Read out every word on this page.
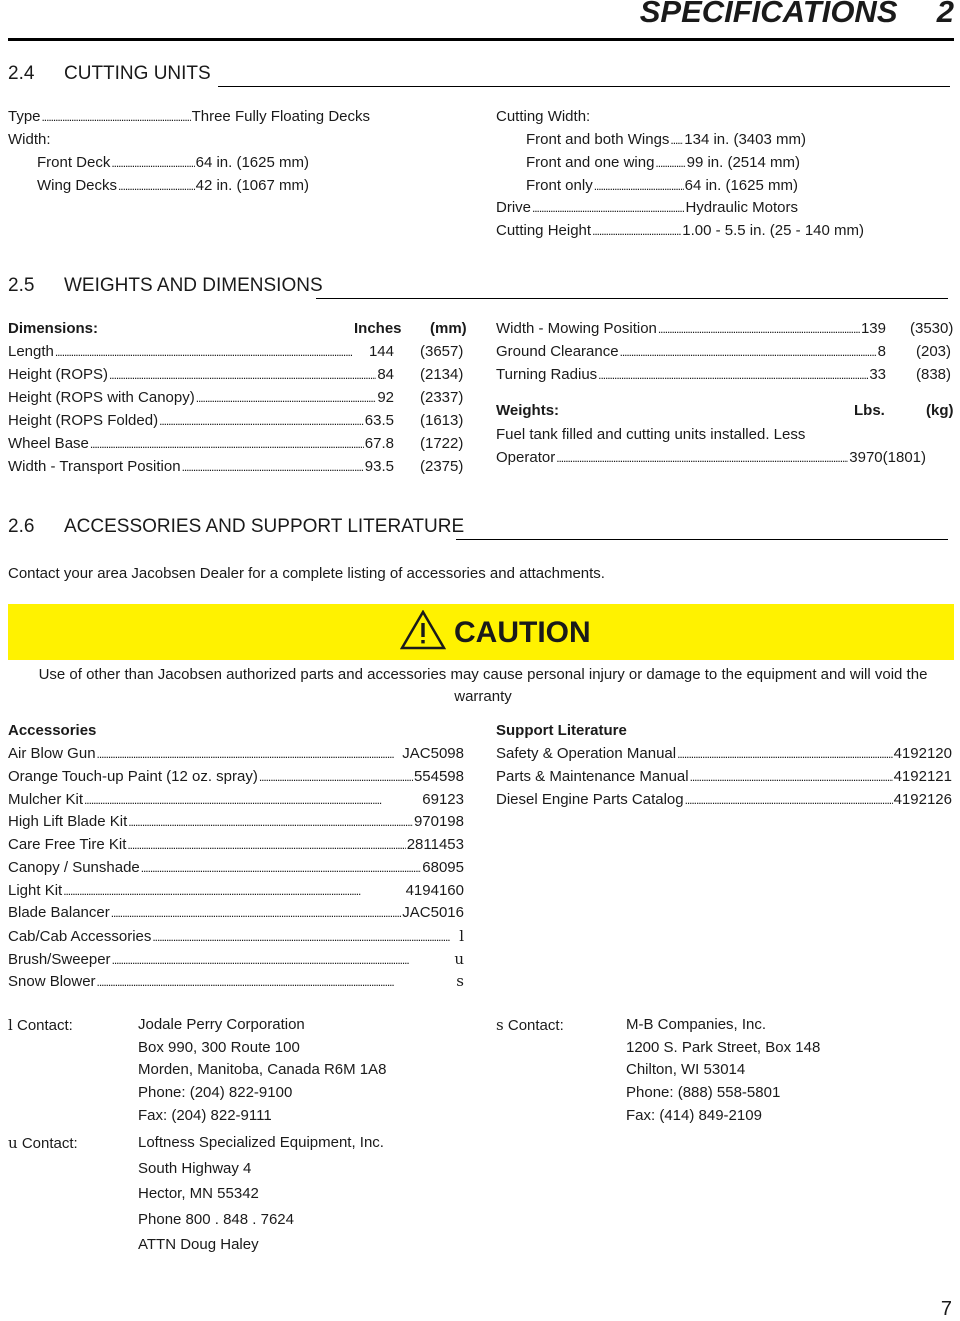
SPECIFICATIONS 2
2.4 CUTTING UNITS
Type . . .	Three Fully Floating Decks
Width:
Front Deck . . .	64 in. (1625 mm)
Wing Decks . . .	42 in. (1067 mm)
Cutting Width:
Front and both Wings . . . 134 in. (3403 mm)
Front and one wing . . . 99 in. (2514 mm)
Front only . . .	64 in. (1625 mm)
Drive . . .	Hydraulic Motors
Cutting Height . . .	1.00 - 5.5 in. (25 - 140 mm)
2.5 WEIGHTS AND DIMENSIONS
Dimensions:	Inches (mm)
Length . . .	144 (3657)
Height (ROPS) . . .	84 (2134)
Height (ROPS with Canopy) . . .	92 (2337)
Height (ROPS Folded) . . .	63.5 (1613)
Wheel Base . . .	67.8 (1722)
Width - Transport Position . . .	93.5 (2375)
Width - Mowing Position . . .	139 (3530)
Ground Clearance . . .	8 (203)
Turning Radius . . .	33 (838)
Weights:	Lbs.	(kg)
Fuel tank filled and cutting units installed. Less
Operator . . .	3970(1801)
2.6 ACCESSORIES AND SUPPORT LITERATURE
Contact your area Jacobsen Dealer for a complete listing of accessories and attachments.
CAUTION
Use of other than Jacobsen authorized parts and accessories may cause personal injury or damage to the equipment and will void the warranty
Accessories
Air Blow Gun . . .	JAC5098
Orange Touch-up Paint (12 oz. spray) . . .	554598
Mulcher Kit . . .	69123
High Lift Blade Kit . . .	970198
Care Free Tire Kit . . .	2811453
Canopy / Sunshade . . .	68095
Light Kit . . .	4194160
Blade Balancer . . .	JAC5016
Cab/Cab Accessories . . .	l
Brush/Sweeper . . .	u
Snow Blower . . .	s
Support Literature
Safety & Operation Manual . . .	4192120
Parts & Maintenance Manual . . .	4192121
Diesel Engine Parts Catalog . . .	4192126
l Contact:	Jodale Perry Corporation
Box 990, 300 Route 100
Morden, Manitoba, Canada R6M 1A8
Phone: (204) 822-9100
Fax: (204) 822-9111
s Contact:	M-B Companies, Inc.
1200 S. Park Street, Box 148
Chilton, WI 53014
Phone: (888) 558-5801
Fax: (414) 849-2109
u Contact:	Loftness Specialized Equipment, Inc.
South Highway 4
Hector, MN 55342
Phone 800 . 848 . 7624
ATTN Doug Haley
7
